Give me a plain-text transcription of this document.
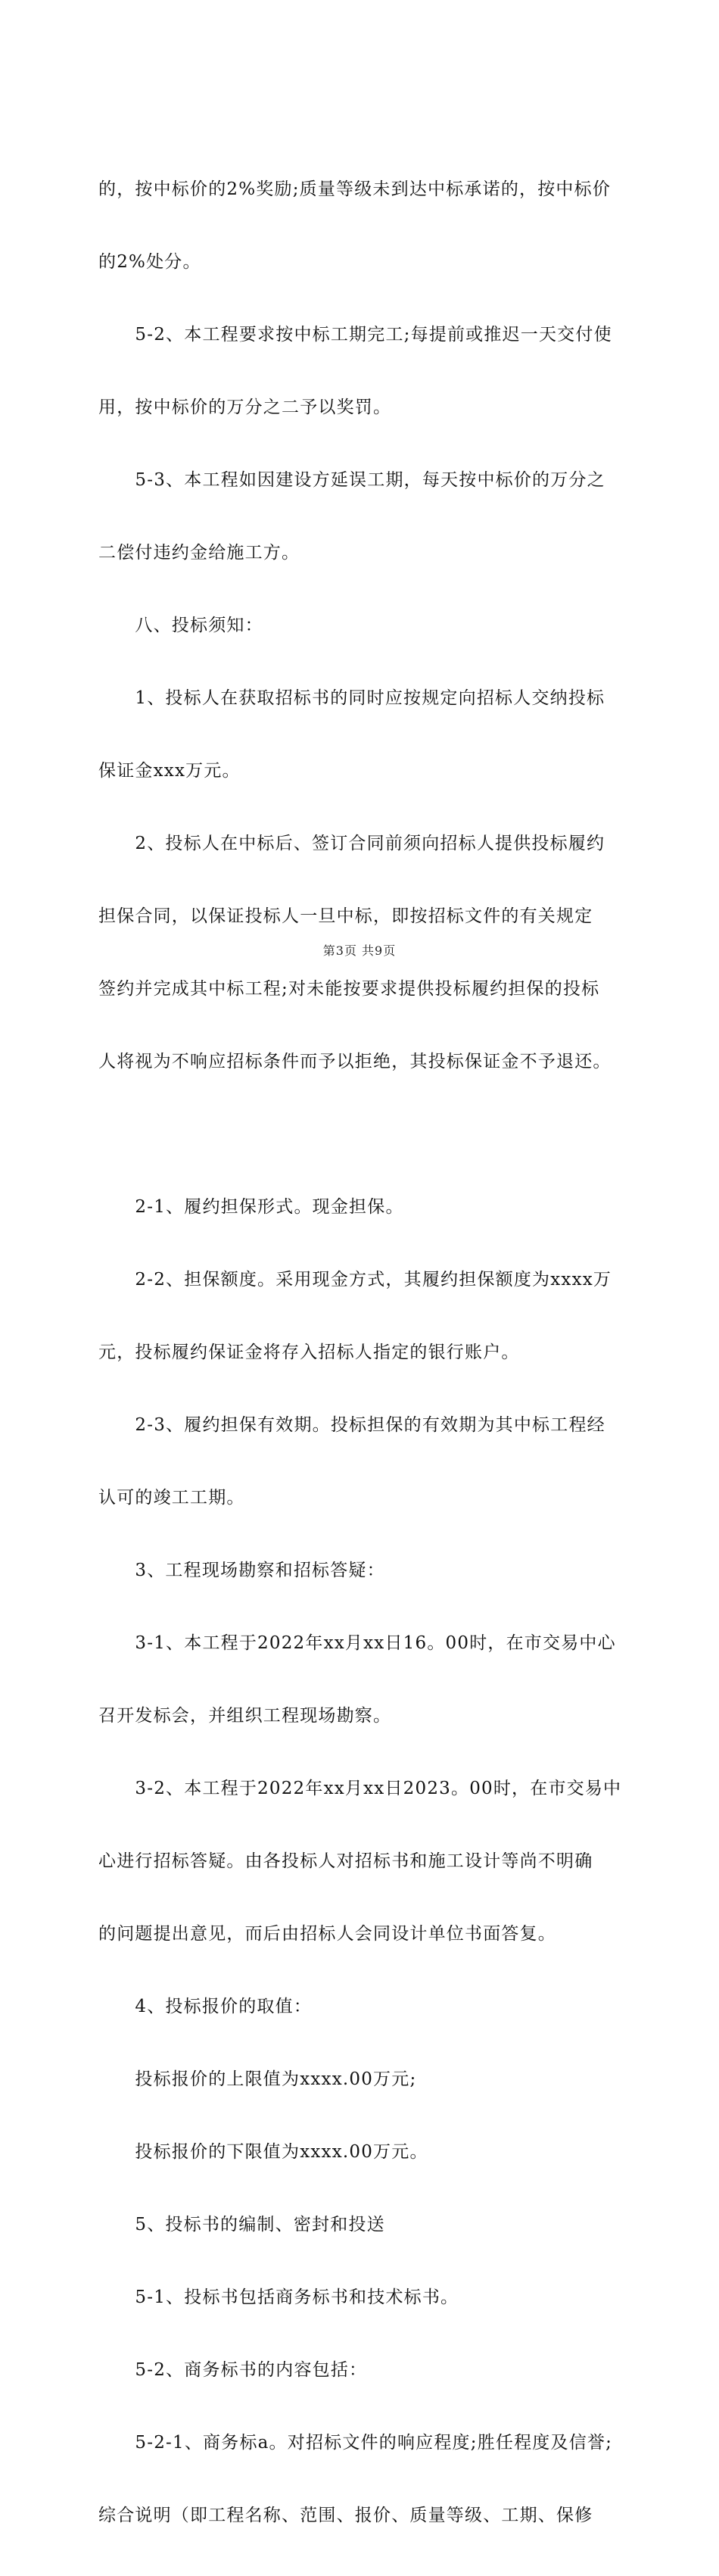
的，按中标价的2%奖励;质量等级未到达中标承诺的，按中标价

的2%处分。

　　5-2、本工程要求按中标工期完工;每提前或推迟一天交付使

用，按中标价的万分之二予以奖罚。

　　5-3、本工程如因建设方延误工期，每天按中标价的万分之

二偿付违约金给施工方。

　　八、投标须知：

　　1、投标人在获取招标书的同时应按规定向招标人交纳投标

保证金xxx万元。

　　2、投标人在中标后、签订合同前须向招标人提供投标履约

担保合同，以保证投标人一旦中标，即按招标文件的有关规定

签约并完成其中标工程;对未能按要求提供投标履约担保的投标

人将视为不响应招标条件而予以拒绝，其投标保证金不予退还。

　　2-1、履约担保形式。现金担保。

　　2-2、担保额度。采用现金方式，其履约担保额度为xxxx万

元，投标履约保证金将存入招标人指定的银行账户。

　　2-3、履约担保有效期。投标担保的有效期为其中标工程经

认可的竣工工期。

　　3、工程现场勘察和招标答疑：

　　3-1、本工程于2022年xx月xx日16。00时，在市交易中心

召开发标会，并组织工程现场勘察。

　　3-2、本工程于2022年xx月xx日2023。00时，在市交易中

心进行招标答疑。由各投标人对招标书和施工设计等尚不明确

的问题提出意见，而后由招标人会同设计单位书面答复。

　　4、投标报价的取值：

　　投标报价的上限值为xxxx.00万元;

　　投标报价的下限值为xxxx.00万元。

　　5、投标书的编制、密封和投送

　　5-1、投标书包括商务标书和技术标书。

　　5-2、商务标书的内容包括：

　　5-2-1、商务标a。对招标文件的响应程度;胜任程度及信誉;

综合说明（即工程名称、范围、报价、质量等级、工期、保修

第3页 共9页
